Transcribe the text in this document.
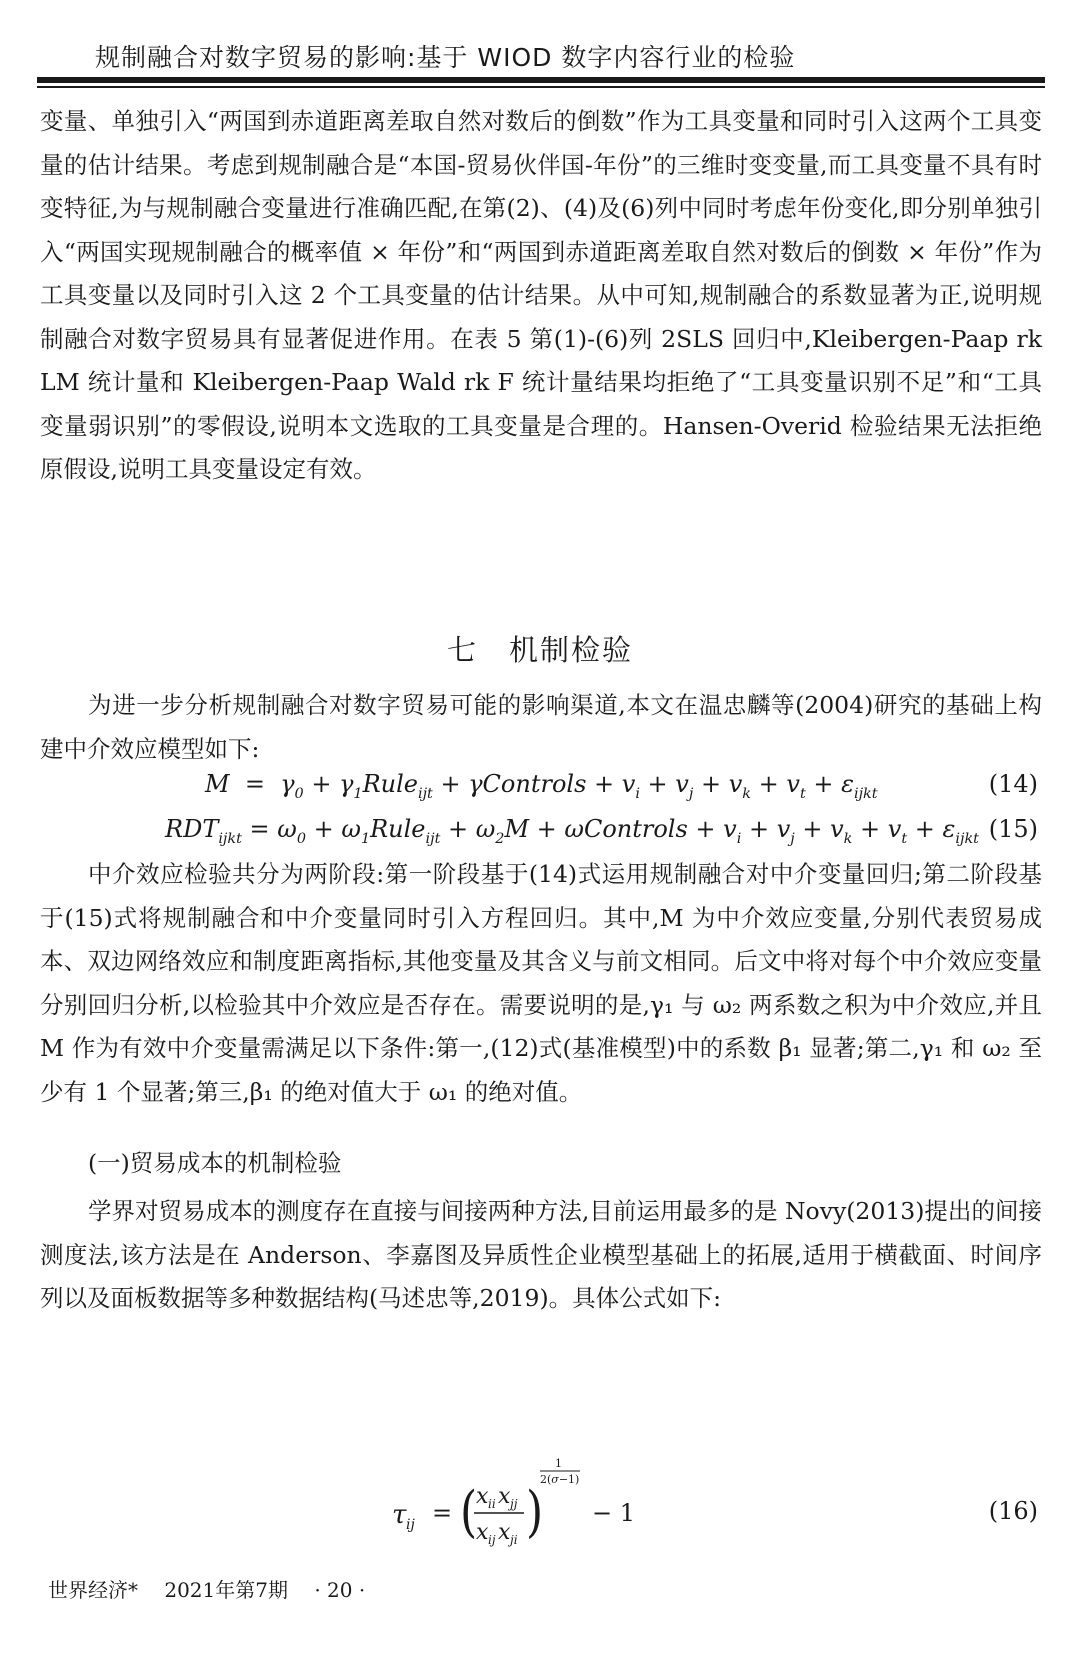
规制融合对数字贸易的影响:基于 WIOD 数字内容行业的检验

变量、单独引入“两国到赤道距离差取自然对数后的倒数”作为工具变量和同时引入这两个工具变量的估计结果。考虑到规制融合是“本国-贸易伙伴国-年份”的三维时变变量,而工具变量不具有时变特征,为与规制融合变量进行准确匹配,在第(2)、(4)及(6)列中同时考虑年份变化,即分别单独引入“两国实现规制融合的概率值 × 年份”和“两国到赤道距离差取自然对数后的倒数 × 年份”作为工具变量以及同时引入这 2 个工具变量的估计结果。从中可知,规制融合的系数显著为正,说明规制融合对数字贸易具有显著促进作用。在表 5 第(1)-(6)列 2SLS 回归中,Kleibergen-Paap rk LM 统计量和 Kleibergen-Paap Wald rk F 统计量结果均拒绝了“工具变量识别不足”和“工具变量弱识别”的零假设,说明本文选取的工具变量是合理的。Hansen-Overid 检验结果无法拒绝原假设,说明工具变量设定有效。

七　机制检验

为进一步分析规制融合对数字贸易可能的影响渠道,本文在温忠麟等(2004)研究的基础上构建中介效应模型如下:

$M = \gamma_0$ + $\gamma_1Rule_{ijt}$ + γControls + $v_i + v_j + v_k + v_t + \varepsilon_{ijkt}$	(14)
$RDT_{ijkt} = \omega_0$ + $\omega_1Rule_{ijt} + \omega_2M$ + ωControls + $v_i + v_j + v_k + v_t + \varepsilon_{ijkt}$ (15)

中介效应检验共分为两阶段:第一阶段基于(14)式运用规制融合对中介变量回归;第二阶段基于(15)式将规制融合和中介变量同时引入方程回归。其中,M 为中介效应变量,分别代表贸易成本、双边网络效应和制度距离指标,其他变量及其含义与前文相同。后文中将对每个中介效应变量分别回归分析,以检验其中介效应是否存在。需要说明的是,γ₁ 与 ω₂ 两系数之积为中介效应,并且 M 作为有效中介变量需满足以下条件:第一,(12)式(基准模型)中的系数 β₁ 显著;第二,γ₁ 和 ω₂ 至少有 1 个显著;第三,β₁ 的绝对值大于 ω₁ 的绝对值。

(一)贸易成本的机制检验

学界对贸易成本的测度存在直接与间接两种方法,目前运用最多的是 Novy(2013)提出的间接测度法,该方法是在 Anderson、李嘉图及异质性企业模型基础上的拓展,适用于横截面、时间序列以及面板数据等多种数据结构(马述忠等,2019)。具体公式如下:

τ ij = (
x ii x jj
x ij x ji )
1
2(σ−1)
− 1	(16)
世界经济*　 2021年第7期　 · 20 ·
